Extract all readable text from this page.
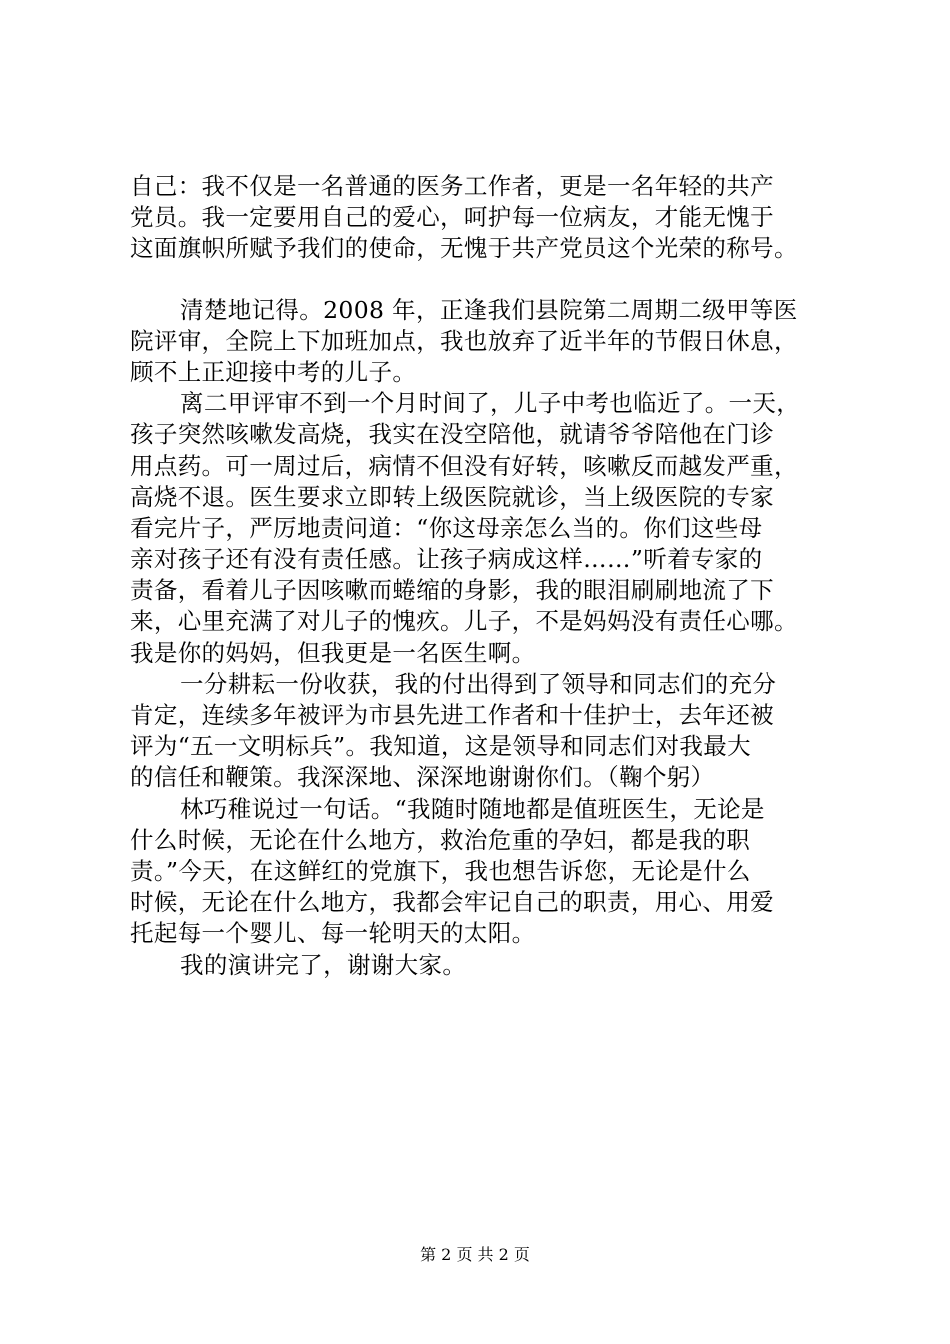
自己：我不仅是一名普通的医务工作者，更是一名年轻的共产
党员。我一定要用自己的爱心，呵护每一位病友，才能无愧于
这面旗帜所赋予我们的使命，无愧于共产党员这个光荣的称号。
清楚地记得。2008 年，正逢我们县院第二周期二级甲等医
院评审，全院上下加班加点，我也放弃了近半年的节假日休息，
顾不上正迎接中考的儿子。
离二甲评审不到一个月时间了，儿子中考也临近了。一天，
孩子突然咳嗽发高烧，我实在没空陪他，就请爷爷陪他在门诊
用点药。可一周过后，病情不但没有好转，咳嗽反而越发严重，
高烧不退。医生要求立即转上级医院就诊，当上级医院的专家
看完片子，严厉地责问道：“你这母亲怎么当的。你们这些母
亲对孩子还有没有责任感。让孩子病成这样……”听着专家的
责备，看着儿子因咳嗽而蜷缩的身影，我的眼泪刷刷地流了下
来，心里充满了对儿子的愧疚。儿子，不是妈妈没有责任心哪。
我是你的妈妈，但我更是一名医生啊。
一分耕耘一份收获，我的付出得到了领导和同志们的充分
肯定，连续多年被评为市县先进工作者和十佳护士，去年还被
评为“五一文明标兵”。我知道，这是领导和同志们对我最大
的信任和鞭策。我深深地、深深地谢谢你们。（鞠个躬）
林巧稚说过一句话。“我随时随地都是值班医生，无论是
什么时候，无论在什么地方，救治危重的孕妇，都是我的职
责。”今天，在这鲜红的党旗下，我也想告诉您，无论是什么
时候，无论在什么地方，我都会牢记自己的职责，用心、用爱
托起每一个婴儿、每一轮明天的太阳。
我的演讲完了，谢谢大家。
第 2 页 共 2 页
